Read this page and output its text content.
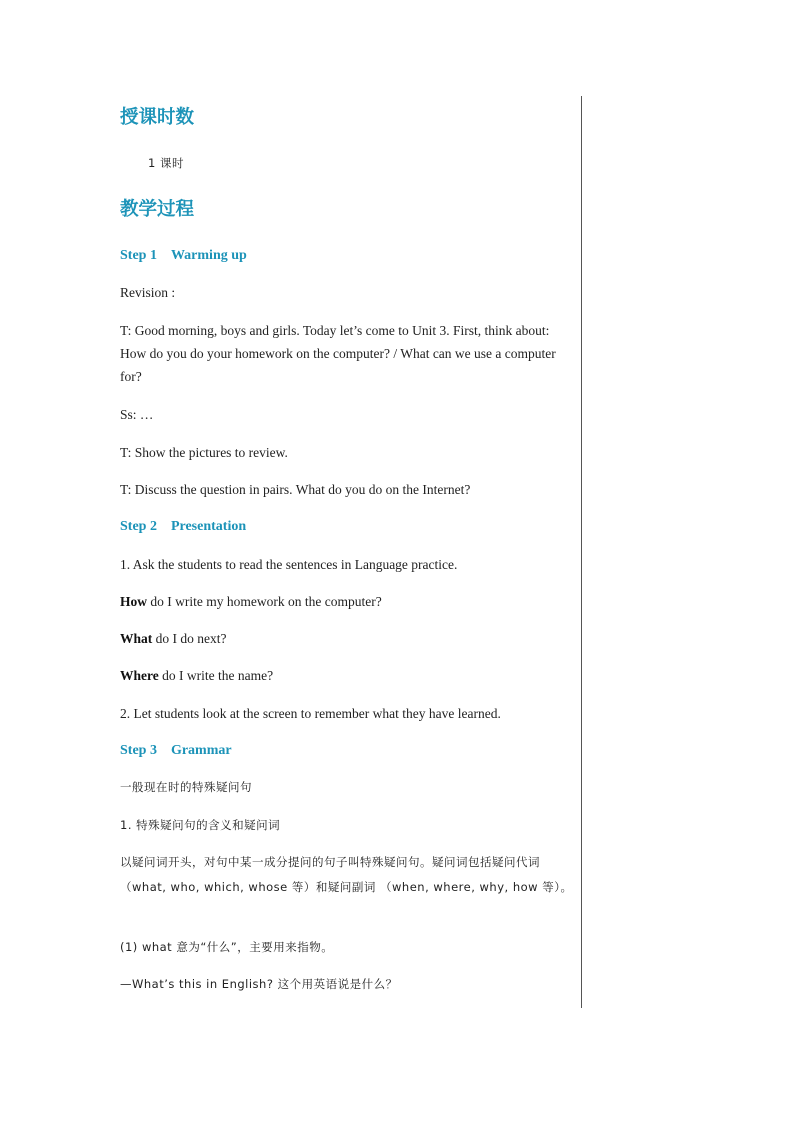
授课时数
1 课时
教学过程
Step 1 Warming up
Revision :
T: Good morning, boys and girls. Today let’s come to Unit 3. First, think about: How do you do your homework on the computer? / What can we use a computer for?
Ss: …
T: Show the pictures to review.
T: Discuss the question in pairs. What do you do on the Internet?
Step 2 Presentation
1. Ask the students to read the sentences in Language practice.
How do I write my homework on the computer?
What do I do next?
Where do I write the name?
2. Let students look at the screen to remember what they have learned.
Step 3 Grammar
一般现在时的特殊疑问句
1. 特殊疑问句的含义和疑问词
以疑问词开头，对句中某一成分提问的句子叫特殊疑问句。疑问词包括疑问代词 （what, who, which, whose 等）和疑问副词 （when, where, why, how 等）。
(1) what 意为“什么”，主要用来指物。
—What’s this in English? 这个用英语说是什么？
